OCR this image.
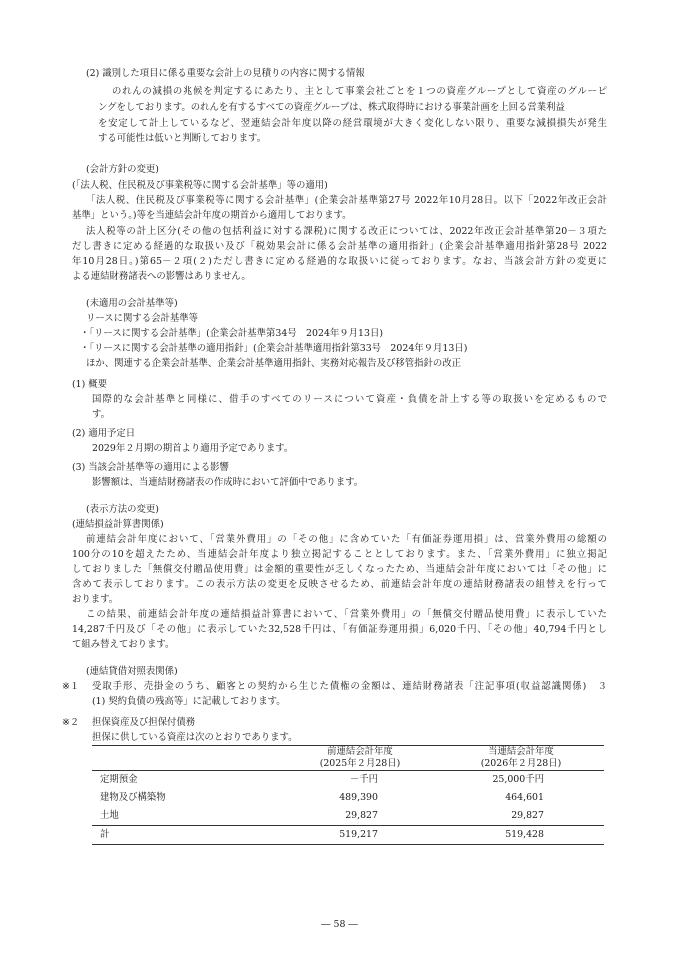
(2) 識別した項目に係る重要な会計上の見積りの内容に関する情報
のれんの減損の兆候を判定するにあたり、主として事業会社ごとを１つの資産グループとして資産のグルーピ
ングをしております。のれんを有するすべての資産グループは、株式取得時における事業計画を上回る営業利益
を安定して計上しているなど、翌連結会計年度以降の経営環境が大きく変化しない限り、重要な減損損失が発生
する可能性は低いと判断しております。
(会計方針の変更)
(「法人税、住民税及び事業税等に関する会計基準」等の適用)
「法人税、住民税及び事業税等に関する会計基準」(企業会計基準第27号 2022年10月28日。以下「2022年改正会計
基準」という。)等を当連結会計年度の期首から適用しております。
法人税等の計上区分(その他の包括利益に対する課税)に関する改正については、2022年改正会計基準第20－３項た
だし書きに定める経過的な取扱い及び「税効果会計に係る会計基準の適用指針」(企業会計基準適用指針第28号 2022
年10月28日。)第65－２項(２)ただし書きに定める経過的な取扱いに従っております。なお、当該会計方針の変更に
よる連結財務諸表への影響はありません。
(未適用の会計基準等)
リースに関する会計基準等
・「リースに関する会計基準」(企業会計基準第34号　2024年９月13日)
・「リースに関する会計基準の適用指針」(企業会計基準適用指針第33号　2024年９月13日)
ほか、関連する企業会計基準、企業会計基準適用指針、実務対応報告及び移管指針の改正
(1) 概要
国際的な会計基準と同様に、借手のすべてのリースについて資産・負債を計上する等の取扱いを定めるもので
す。
(2) 適用予定日
2029年２月期の期首より適用予定であります。
(3) 当該会計基準等の適用による影響
影響額は、当連結財務諸表の作成時において評価中であります。
(表示方法の変更)
(連結損益計算書関係)
前連結会計年度において、「営業外費用」の「その他」に含めていた「有価証券運用損」は、営業外費用の総額の
100分の10を超えたため、当連結会計年度より独立掲記することとしております。また、「営業外費用」に独立掲記
しておりました「無償交付贈品使用費」は金額的重要性が乏しくなったため、当連結会計年度においては「その他」に
含めて表示しております。この表示方法の変更を反映させるため、前連結会計年度の連結財務諸表の組替えを行って
おります。
この結果、前連結会計年度の連結損益計算書において、「営業外費用」の「無償交付贈品使用費」に表示していた
14,287千円及び「その他」に表示していた32,528千円は、「有価証券運用損」6,020千円、「その他」40,794千円とし
て組み替えております。
(連結貸借対照表関係)
※１ 受取手形、売掛金のうち、顧客との契約から生じた債権の金額は、連結財務諸表「注記事項(収益認識関係)　３
(1) 契約負債の残高等」に記載しております。
※２ 担保資産及び担保付債務
担保に供している資産は次のとおりであります。
	前連結会計年度
(2025年２月28日)		当連結会計年度
(2026年２月28日)	
定期預金	－千円		25,000千円	
建物及び構築物	489,390		464,601	
土地	29,827		29,827	
計	519,217		519,428	
― 58 ―
